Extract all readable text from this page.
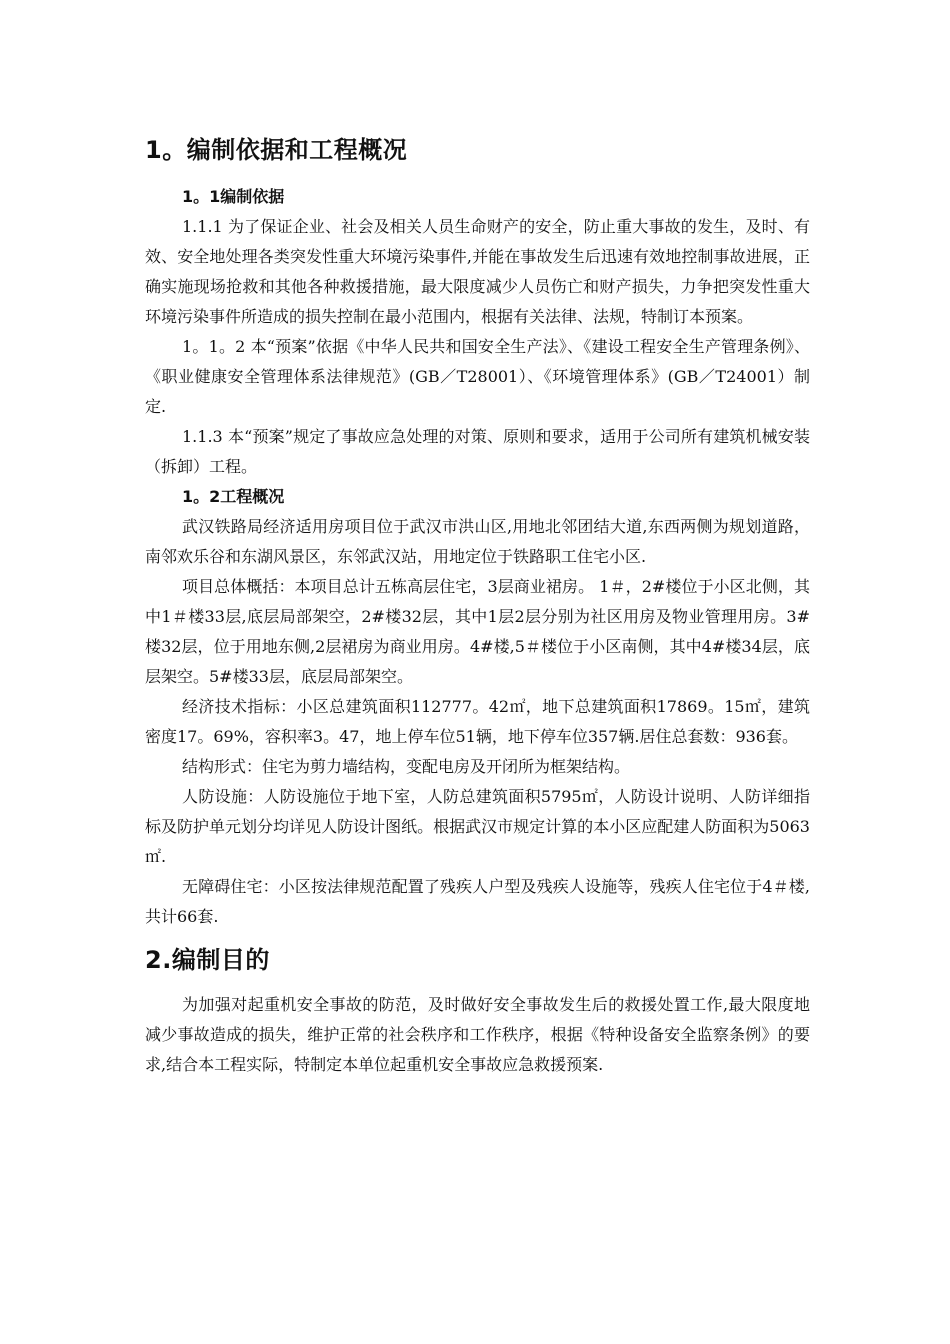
1。编制依据和工程概况
1。1编制依据

1.1.1 为了保证企业、社会及相关人员生命财产的安全，防止重大事故的发生，及时、有效、安全地处理各类突发性重大环境污染事件,并能在事故发生后迅速有效地控制事故进展，正确实施现场抢救和其他各种救援措施，最大限度减少人员伤亡和财产损失，力争把突发性重大环境污染事件所造成的损失控制在最小范围内，根据有关法律、法规，特制订本预案。

1。1。2 本“预案”依据《中华人民共和国安全生产法》、《建设工程安全生产管理条例》、《职业健康安全管理体系法律规范》(GB／T28001）、《环境管理体系》(GB／T24001）制定.

1.1.3 本“预案”规定了事故应急处理的对策、原则和要求，适用于公司所有建筑机械安装（拆卸）工程。

1。2工程概况

武汉铁路局经济适用房项目位于武汉市洪山区,用地北邻团结大道,东西两侧为规划道路，南邻欢乐谷和东湖风景区，东邻武汉站，用地定位于铁路职工住宅小区.

项目总体概括：本项目总计五栋高层住宅，3层商业裙房。 1＃，2#楼位于小区北侧，其中1＃楼33层,底层局部架空，2#楼32层，其中1层2层分别为社区用房及物业管理用房。3#楼32层，位于用地东侧,2层裙房为商业用房。4#楼,5＃楼位于小区南侧，其中4#楼34层，底层架空。5#楼33层，底层局部架空。

经济技术指标：小区总建筑面积112777。42㎡，地下总建筑面积17869。15㎡，建筑密度17。69%，容积率3。47，地上停车位51辆，地下停车位357辆.居住总套数：936套。

结构形式：住宅为剪力墙结构，变配电房及开闭所为框架结构。

人防设施：人防设施位于地下室，人防总建筑面积5795㎡，人防设计说明、人防详细指标及防护单元划分均详见人防设计图纸。根据武汉市规定计算的本小区应配建人防面积为5063㎡.

无障碍住宅：小区按法律规范配置了残疾人户型及残疾人设施等，残疾人住宅位于4＃楼,共计66套.

2.编制目的

为加强对起重机安全事故的防范，及时做好安全事故发生后的救援处置工作,最大限度地减少事故造成的损失，维护正常的社会秩序和工作秩序，根据《特种设备安全监察条例》的要求,结合本工程实际，特制定本单位起重机安全事故应急救援预案.
